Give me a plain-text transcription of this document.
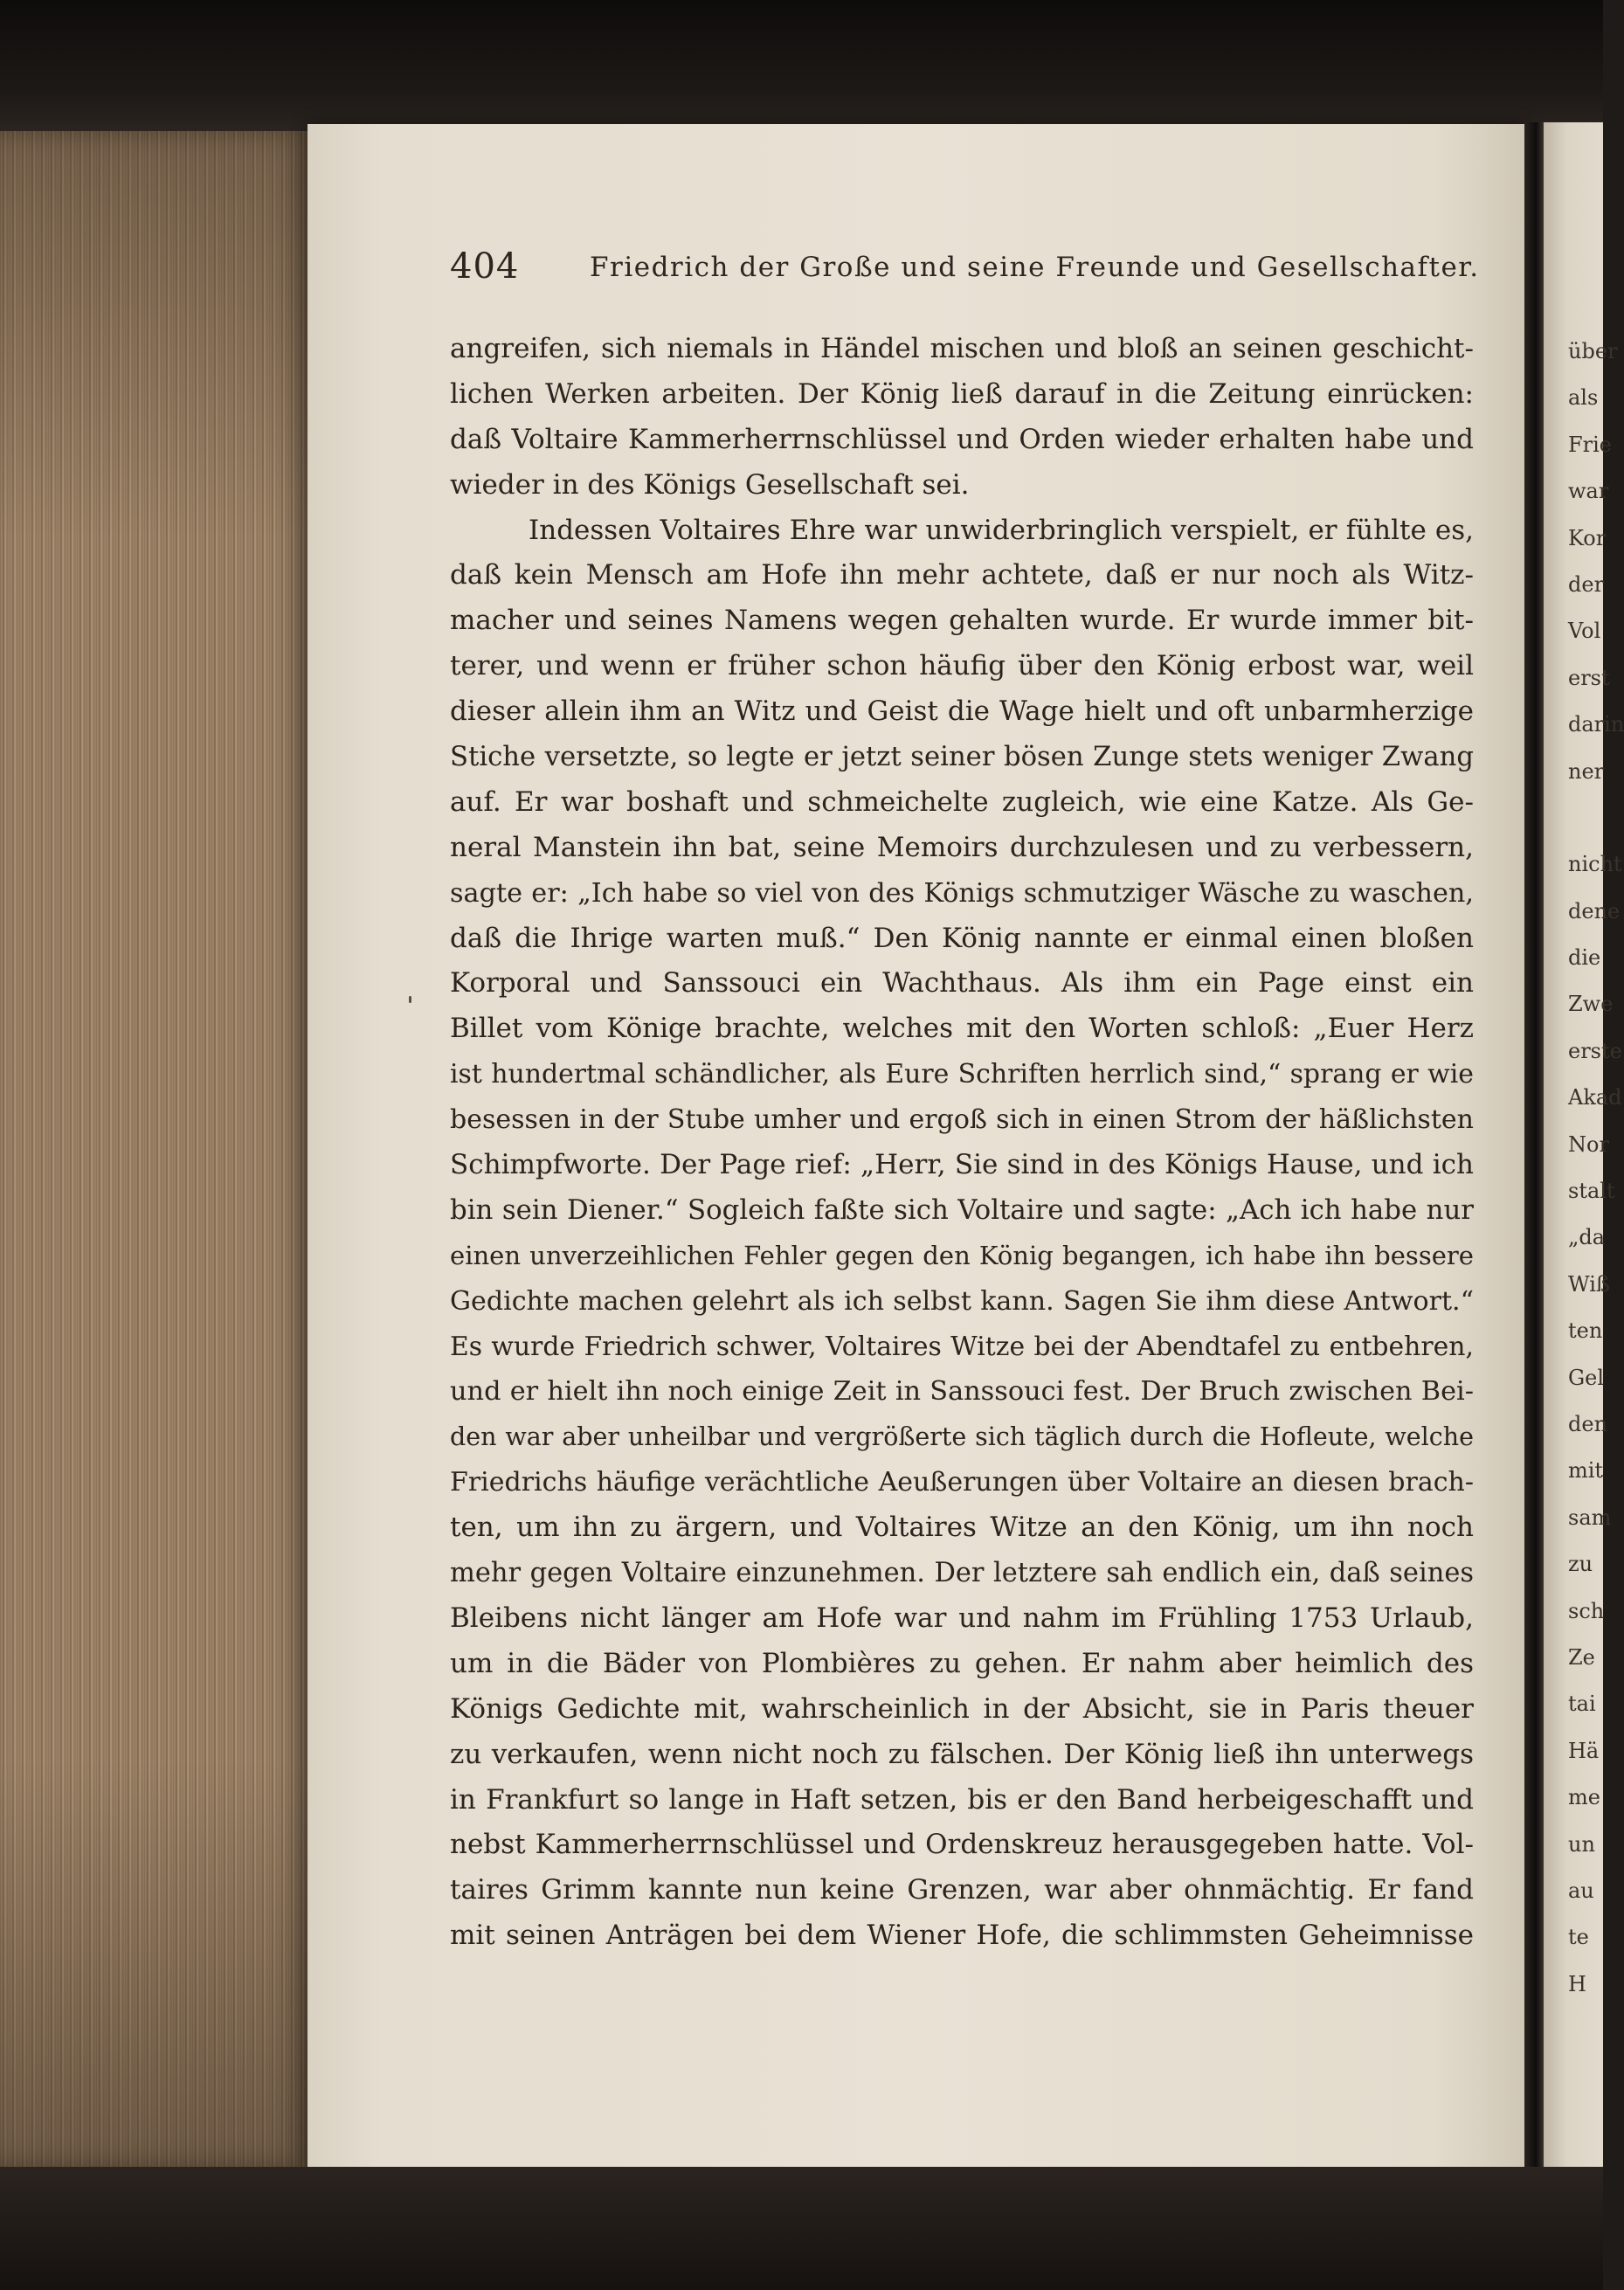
404	Friedrich der Große und seine Freunde und Gesellschafter.
angreifen, sich niemals in Händel mischen und bloß an seinen geschicht-
lichen Werken arbeiten. Der König ließ darauf in die Zeitung einrücken:
daß Voltaire Kammerherrnschlüssel und Orden wieder erhalten habe und
wieder in des Königs Gesellschaft sei.
Indessen Voltaires Ehre war unwiderbringlich verspielt, er fühlte es,
daß kein Mensch am Hofe ihn mehr achtete, daß er nur noch als Witz-
macher und seines Namens wegen gehalten wurde. Er wurde immer bit-
terer, und wenn er früher schon häufig über den König erbost war, weil
dieser allein ihm an Witz und Geist die Wage hielt und oft unbarmherzige
Stiche versetzte, so legte er jetzt seiner bösen Zunge stets weniger Zwang
auf. Er war boshaft und schmeichelte zugleich, wie eine Katze. Als Ge-
neral Manstein ihn bat, seine Memoirs durchzulesen und zu verbessern,
sagte er: „Ich habe so viel von des Königs schmutziger Wäsche zu waschen,
daß die Ihrige warten muß.“ Den König nannte er einmal einen bloßen
Korporal und Sanssouci ein Wachthaus. Als ihm ein Page einst ein
Billet vom Könige brachte, welches mit den Worten schloß: „Euer Herz
ist hundertmal schändlicher, als Eure Schriften herrlich sind,“ sprang er wie
besessen in der Stube umher und ergoß sich in einen Strom der häßlichsten
Schimpfworte. Der Page rief: „Herr, Sie sind in des Königs Hause, und ich
bin sein Diener.“ Sogleich faßte sich Voltaire und sagte: „Ach ich habe nur
einen unverzeihlichen Fehler gegen den König begangen, ich habe ihn bessere
Gedichte machen gelehrt als ich selbst kann. Sagen Sie ihm diese Antwort.“
Es wurde Friedrich schwer, Voltaires Witze bei der Abendtafel zu entbehren,
und er hielt ihn noch einige Zeit in Sanssouci fest. Der Bruch zwischen Bei-
den war aber unheilbar und vergrößerte sich täglich durch die Hofleute, welche
Friedrichs häufige verächtliche Aeußerungen über Voltaire an diesen brach-
ten, um ihn zu ärgern, und Voltaires Witze an den König, um ihn noch
mehr gegen Voltaire einzunehmen. Der letztere sah endlich ein, daß seines
Bleibens nicht länger am Hofe war und nahm im Frühling 1753 Urlaub,
um in die Bäder von Plombières zu gehen. Er nahm aber heimlich des
Königs Gedichte mit, wahrscheinlich in der Absicht, sie in Paris theuer
zu verkaufen, wenn nicht noch zu fälschen. Der König ließ ihn unterwegs
in Frankfurt so lange in Haft setzen, bis er den Band herbeigeschafft und
nebst Kammerherrnschlüssel und Ordenskreuz herausgegeben hatte. Vol-
taires Grimm kannte nun keine Grenzen, war aber ohnmächtig. Er fand
mit seinen Anträgen bei dem Wiener Hofe, die schlimmsten Geheimnisse
über
als
Frie
war
Kor
der
Vol
erst
darin
ner
nicht
dene
die
Zwe
erste
Akad
Nor
stalt
„da
Wiß
ten
Gel
den
mit
sam
zu
sch
Ze
tai
Hä
me
un
au
te
H
